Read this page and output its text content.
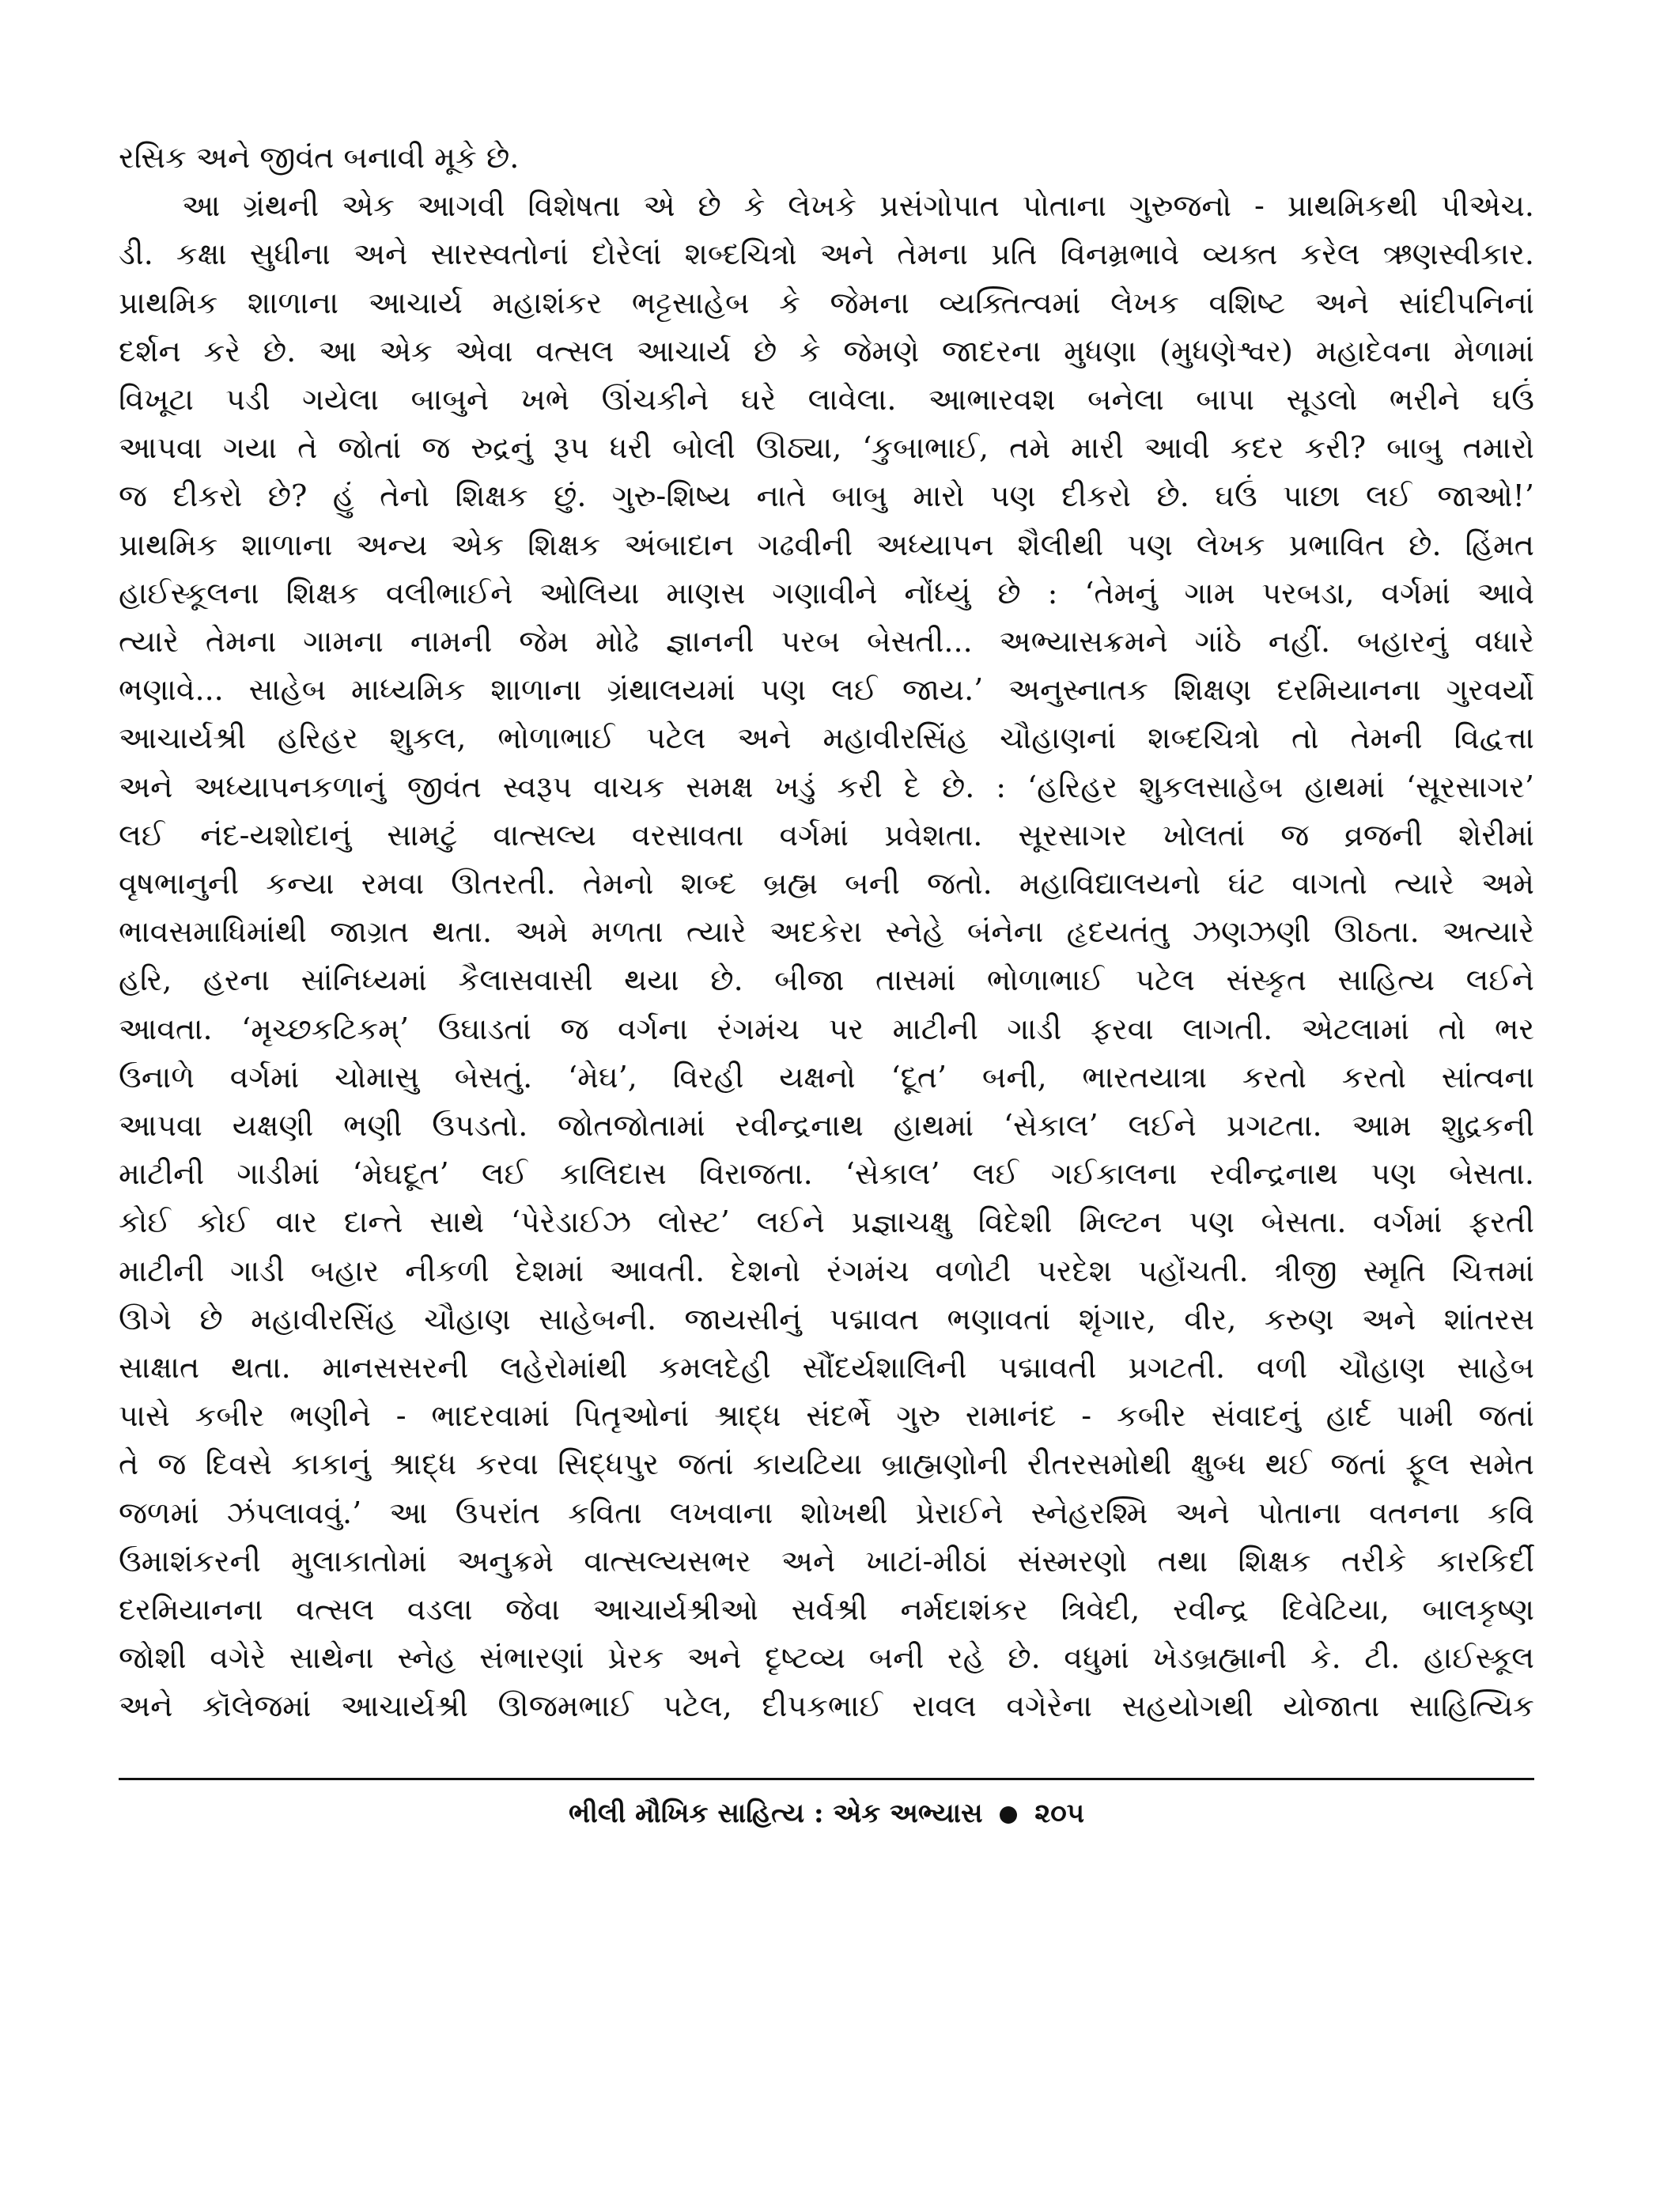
રસિક અને જીવંત બનાવી મૂકે છે.
આ ગ્રંથની એક આગવી વિશેષતા એ છે કે લેખકે પ્રસંગોપાત પોતાના ગુરુજનો - પ્રાથમિકથી પીએચ.
ડી. કક્ષા સુધીના અને સારસ્વતોનાં દોરેલાં શબ્દચિત્રો અને તેમના પ્રતિ વિનમ્રભાવે વ્યક્ત કરેલ ઋણસ્વીકાર.
પ્રાથમિક શાળાના આચાર્ય મહાશંકર ભટ્ટસાહેબ કે જેમના વ્યક્તિત્વમાં લેખક વશિષ્ટ અને સાંદીપનિનાં
દર્શન કરે છે. આ એક એવા વત્સલ આચાર્ય છે કે જેમણે જાદરના મુધણા (મુધણેશ્વર) મહાદેવના મેળામાં
વિખૂટા પડી ગયેલા બાબુને ખભે ઊંચકીને ઘરે લાવેલા. આભારવશ બનેલા બાપા સૂડલો ભરીને ઘઉં
આપવા ગયા તે જોતાં જ રુદ્રનું રૂપ ધરી બોલી ઊઠ્યા, ‘કુબાભાઈ, તમે મારી આવી કદર કરી? બાબુ તમારો
જ દીકરો છે? હું તેનો શિક્ષક છું. ગુરુ-શિષ્ય નાતે બાબુ મારો પણ દીકરો છે. ઘઉં પાછા લઈ જાઓ!’
પ્રાથમિક શાળાના અન્ય એક શિક્ષક અંબાદાન ગઢવીની અધ્યાપન શૈલીથી પણ લેખક પ્રભાવિત છે. હિંમત
હાઈસ્કૂલના શિક્ષક વલીભાઈને ઓલિયા માણસ ગણાવીને નોંધ્યું છે : ‘તેમનું ગામ પરબડા, વર્ગમાં આવે
ત્યારે તેમના ગામના નામની જેમ મોઢે જ્ઞાનની પરબ બેસતી... અભ્યાસક્રમને ગાંઠે નહીં. બહારનું વધારે
ભણાવે... સાહેબ માધ્યમિક શાળાના ગ્રંથાલયમાં પણ લઈ જાય.’ અનુસ્નાતક શિક્ષણ દરમિયાનના ગુરવર્યો
આચાર્યશ્રી હરિહર શુકલ, ભોળાભાઈ પટેલ અને મહાવીરસિંહ ચૌહાણનાં શબ્દચિત્રો તો તેમની વિદ્વત્તા
અને અધ્યાપનકળાનું જીવંત સ્વરૂપ વાચક સમક્ષ ખડું કરી દે છે. : ‘હરિહર શુકલસાહેબ હાથમાં ‘સૂરસાગર’
લઈ નંદ-યશોદાનું સામટું વાત્સલ્ય વરસાવતા વર્ગમાં પ્રવેશતા. સૂરસાગર ખોલતાં જ વ્રજની શેરીમાં
વૃષભાનુની કન્યા રમવા ઊતરતી. તેમનો શબ્દ બ્રહ્મ બની જતો. મહાવિદ્યાલયનો ઘંટ વાગતો ત્યારે અમે
ભાવસમાધિમાંથી જાગ્રત થતા. અમે મળતા ત્યારે અદકેરા સ્નેહે બંનેના હૃદયતંતુ ઝણઝણી ઊઠતા. અત્યારે
હરિ, હરના સાંનિધ્યમાં કૈલાસવાસી થયા છે. બીજા તાસમાં ભોળાભાઈ પટેલ સંસ્કૃત સાહિત્ય લઈને
આવતા. ‘મૃચ્છકટિકમ્’ ઉઘાડતાં જ વર્ગના રંગમંચ પર માટીની ગાડી ફરવા લાગતી. એટલામાં તો ભર
ઉનાળે વર્ગમાં ચોમાસુ બેસતું. ‘મેઘ’, વિરહી યક્ષનો ‘દૂત’ બની, ભારતયાત્રા કરતો કરતો સાંત્વના
આપવા યક્ષણી ભણી ઉપડતો. જોતજોતામાં રવીન્દ્રનાથ હાથમાં ‘સેકાલ’ લઈને પ્રગટતા. આમ શુદ્રકની
માટીની ગાડીમાં ‘મેઘદૂત’ લઈ કાલિદાસ વિરાજતા. ‘સેકાલ’ લઈ ગઈકાલના રવીન્દ્રનાથ પણ બેસતા.
કોઈ કોઈ વાર દાન્તે સાથે ‘પેરેડાઈઝ લોસ્ટ’ લઈને પ્રજ્ઞાચક્ષુ વિદેશી મિલ્ટન પણ બેસતા. વર્ગમાં ફરતી
માટીની ગાડી બહાર નીકળી દેશમાં આવતી. દેશનો રંગમંચ વળોટી પરદેશ પહોંચતી. ત્રીજી સ્મૃતિ ચિત્તમાં
ઊગે છે મહાવીરસિંહ ચૌહાણ સાહેબની. જાયસીનું પદ્માવત ભણાવતાં શૃંગાર, વીર, કરુણ અને શાંતરસ
સાક્ષાત થતા. માનસસરની લહેરોમાંથી કમલદેહી સૌંદર્યશાલિની પદ્માવતી પ્રગટતી. વળી ચૌહાણ સાહેબ
પાસે કબીર ભણીને - ભાદરવામાં પિતૃઓનાં શ્રાદ્ધ સંદર્ભે ગુરુ રામાનંદ - કબીર સંવાદનું હાર્દ પામી જતાં
તે જ દિવસે કાકાનું શ્રાદ્ધ કરવા સિદ્ધપુર જતાં કાયટિયા બ્રાહ્મણોની રીતરસમોથી ક્ષુબ્ધ થઈ જતાં ફૂલ સમેત
જળમાં ઝંપલાવવું.’ આ ઉપરાંત કવિતા લખવાના શોખથી પ્રેરાઈને સ્નેહરશ્મિ અને પોતાના વતનના કવિ
ઉમાશંકરની મુલાકાતોમાં અનુક્રમે વાત્સલ્યસભર અને ખાટાં-મીઠાં સંસ્મરણો તથા શિક્ષક તરીકે કારકિર્દી
દરમિયાનના વત્સલ વડલા જેવા આચાર્યશ્રીઓ સર્વશ્રી નર્મદાશંકર ત્રિવેદી, રવીન્દ્ર દિવેટિયા, બાલકૃષ્ણ
જોશી વગેરે સાથેના સ્નેહ સંભારણાં પ્રેરક અને દૃષ્ટવ્ય બની રહે છે. વધુમાં ખેડબ્રહ્માની કે. ટી. હાઈસ્કૂલ
અને કૉલેજમાં આચાર્યશ્રી ઊજમભાઈ પટેલ, દીપકભાઈ રાવલ વગેરેના સહયોગથી યોજાતા સાહિત્યિક
ભીલી મૌખિક સાહિત્ય : એક અભ્યાસ ૨૦૫
